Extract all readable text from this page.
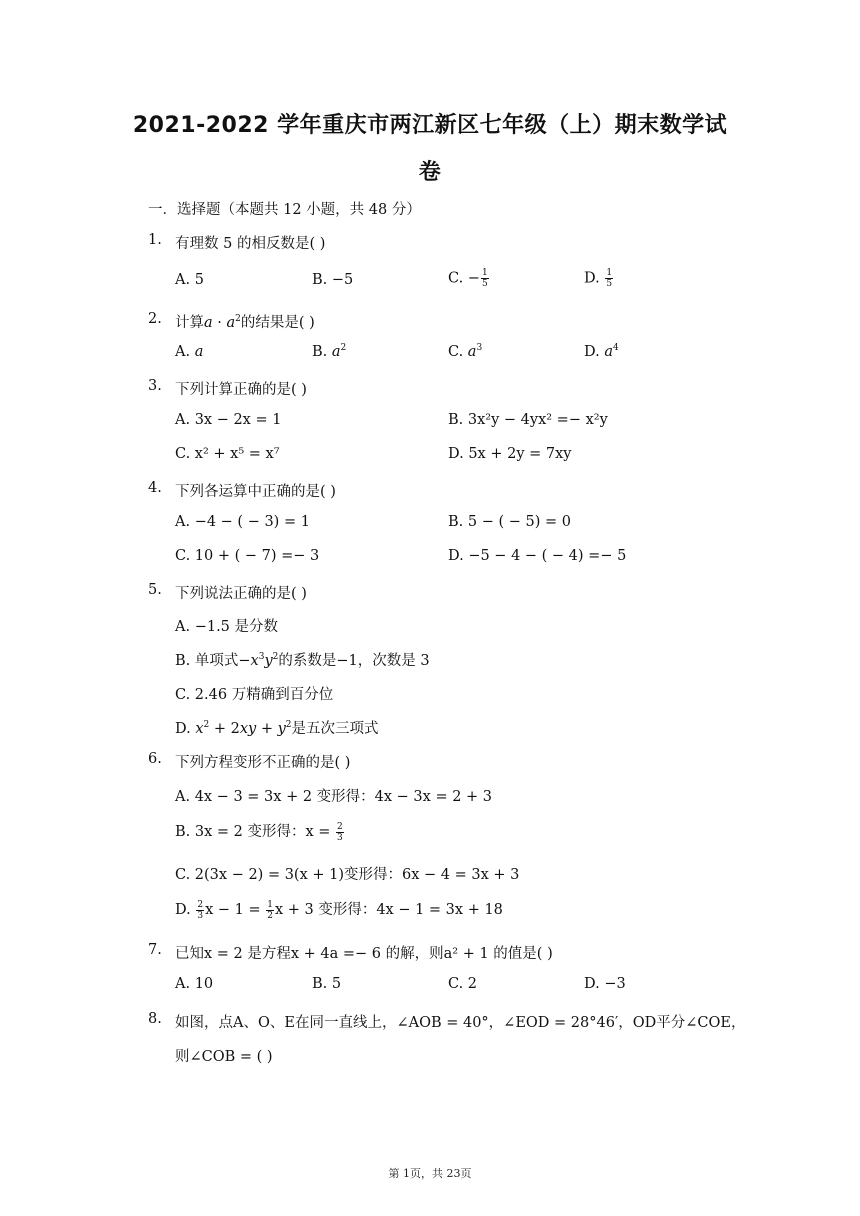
2021-2022 学年重庆市两江新区七年级（上）期末数学试
卷
一．选择题（本题共 12 小题，共 48 分）
1. 有理数 5 的相反数是( )
A. 5	B. −5	C. − $\frac{1}{5}$	D. $\frac{1}{5}$
2. 计算$a \cdot a^2$的结果是( )
A. a	B. $a^2$	C. $a^3$	D. $a^4$
3. 下列计算正确的是( )
A. 3x − 2x = 1	B. 3x²y − 4yx² =− x²y
C. x² + x⁵ = x⁷	D. 5x + 2y = 7xy
4. 下列各运算中正确的是( )
A. −4 − ( − 3) = 1	B. 5 − ( − 5) = 0
C. 10 + ( − 7) =− 3	D. −5 − 4 − ( − 4) =− 5
5. 下列说法正确的是( )
A. −1.5 是分数
B. 单项式$-x^3y^2$的系数是−1，次数是 3
C. 2.46 万精确到百分位
D. $x^2 + 2xy + y^2$是五次三项式
6. 下列方程变形不正确的是( )
A. 4x − 3 = 3x + 2 变形得：4x − 3x = 2 + 3
B. 3x = 2 变形得：$x = \frac{2}{3}$
C. 2(3x − 2) = 3(x + 1)变形得：6x − 4 = 3x + 3
D. $\frac{2}{3}$ $x - 1 = \frac{1}{2}$ x + 3 变形得：4x − 1 = 3x + 18
7. 已知x = 2 是方程x + 4a =− 6 的解，则a² + 1 的值是( )
A. 10	B. 5	C. 2	D. −3
8. 如图，点A、O、E在同一直线上，∠AOB = 40°，∠EOD = 28°46′，OD平分∠COE，
则∠COB = ( )
第 1页，共 23页
